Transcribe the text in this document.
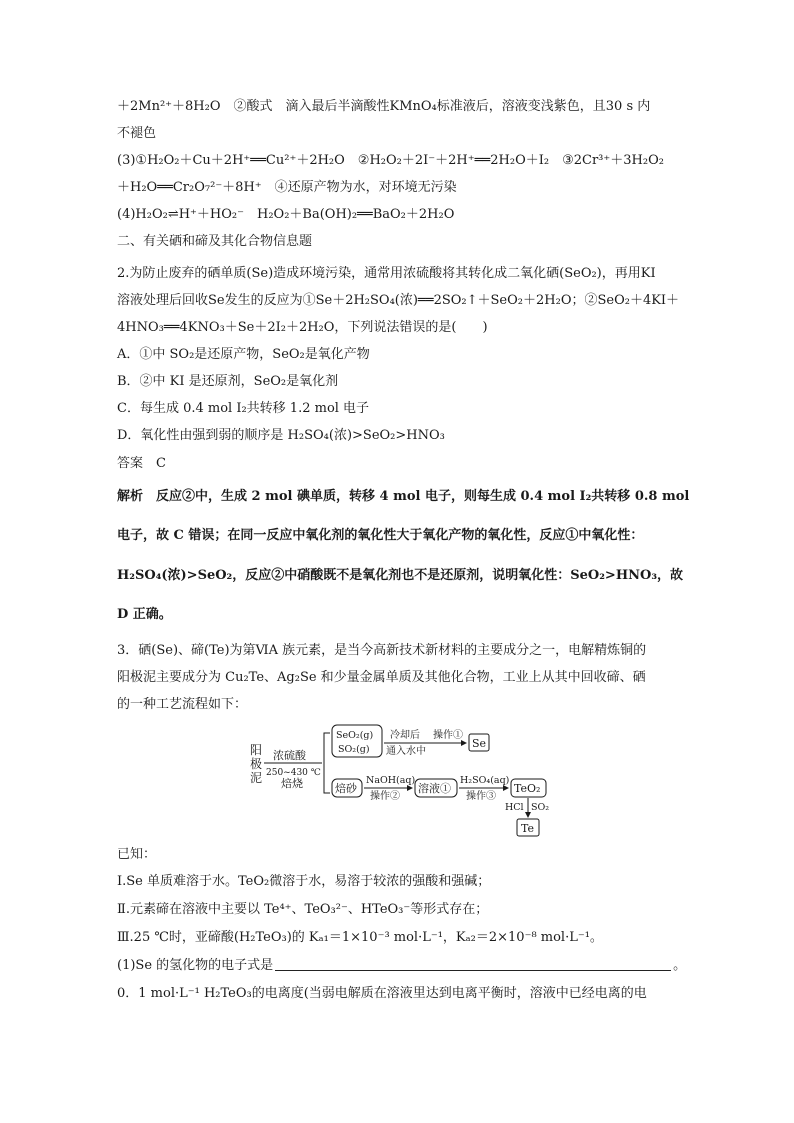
＋2Mn²⁺＋8H₂O　②酸式　滴入最后半滴酸性KMnO₄标准液后，溶液变浅紫色，且30 s 内
不褪色
(3)①H₂O₂＋Cu＋2H⁺══Cu²⁺＋2H₂O　②H₂O₂＋2I⁻＋2H⁺══2H₂O＋I₂　③2Cr³⁺＋3H₂O₂
＋H₂O══Cr₂O₇²⁻＋8H⁺　④还原产物为水，对环境无污染
(4)H₂O₂⇌H⁺＋HO₂⁻　H₂O₂＋Ba(OH)₂══BaO₂＋2H₂O
二、有关硒和碲及其化合物信息题
2.为防止废弃的硒单质(Se)造成环境污染，通常用浓硫酸将其转化成二氧化硒(SeO₂)，再用KI
溶液处理后回收Se发生的反应为①Se＋2H₂SO₄(浓)══2SO₂↑＋SeO₂＋2H₂O；②SeO₂＋4KI＋
4HNO₃══4KNO₃＋Se＋2I₂＋2H₂O，下列说法错误的是(　　)
A．①中 SO₂是还原产物，SeO₂是氧化产物
B．②中 KI 是还原剂，SeO₂是氧化剂
C．每生成 0.4 mol I₂共转移 1.2 mol 电子
D．氧化性由强到弱的顺序是 H₂SO₄(浓)>SeO₂>HNO₃
答案　C
解析　反应②中，生成 2 mol 碘单质，转移 4 mol 电子，则每生成 0.4 mol I₂共转移 0.8 mol
电子，故 C 错误；在同一反应中氧化剂的氧化性大于氧化产物的氧化性，反应①中氧化性：
H₂SO₄(浓)>SeO₂，反应②中硝酸既不是氧化剂也不是还原剂，说明氧化性：SeO₂>HNO₃，故
D 正确。
3．硒(Se)、碲(Te)为第ⅥA 族元素，是当今高新技术新材料的主要成分之一，电解精炼铜的
阳极泥主要成分为 Cu₂Te、Ag₂Se 和少量金属单质及其他化合物，工业上从其中回收碲、硒
的一种工艺流程如下：
阳
极
泥
浓硫酸
250~430 ℃
焙烧
SeO₂(g)
SO₂(g)
冷却后
通入水中
操作①
Se
焙砂
NaOH(aq)
操作②
溶液①
H₂SO₄(aq)
操作③
TeO₂
HCl SO₂
Te
已知：
Ⅰ.Se 单质难溶于水。TeO₂微溶于水，易溶于较浓的强酸和强碱；
Ⅱ.元素碲在溶液中主要以 Te⁴⁺、TeO₃²⁻、HTeO₃⁻等形式存在；
Ⅲ.25 ℃时，亚碲酸(H₂TeO₃)的 Kₐ₁＝1×10⁻³ mol·L⁻¹，Kₐ₂＝2×10⁻⁸ mol·L⁻¹。
(1)Se 的氢化物的电子式是	。
0．1 mol·L⁻¹ H₂TeO₃的电离度(当弱电解质在溶液里达到电离平衡时，溶液中已经电离的电
